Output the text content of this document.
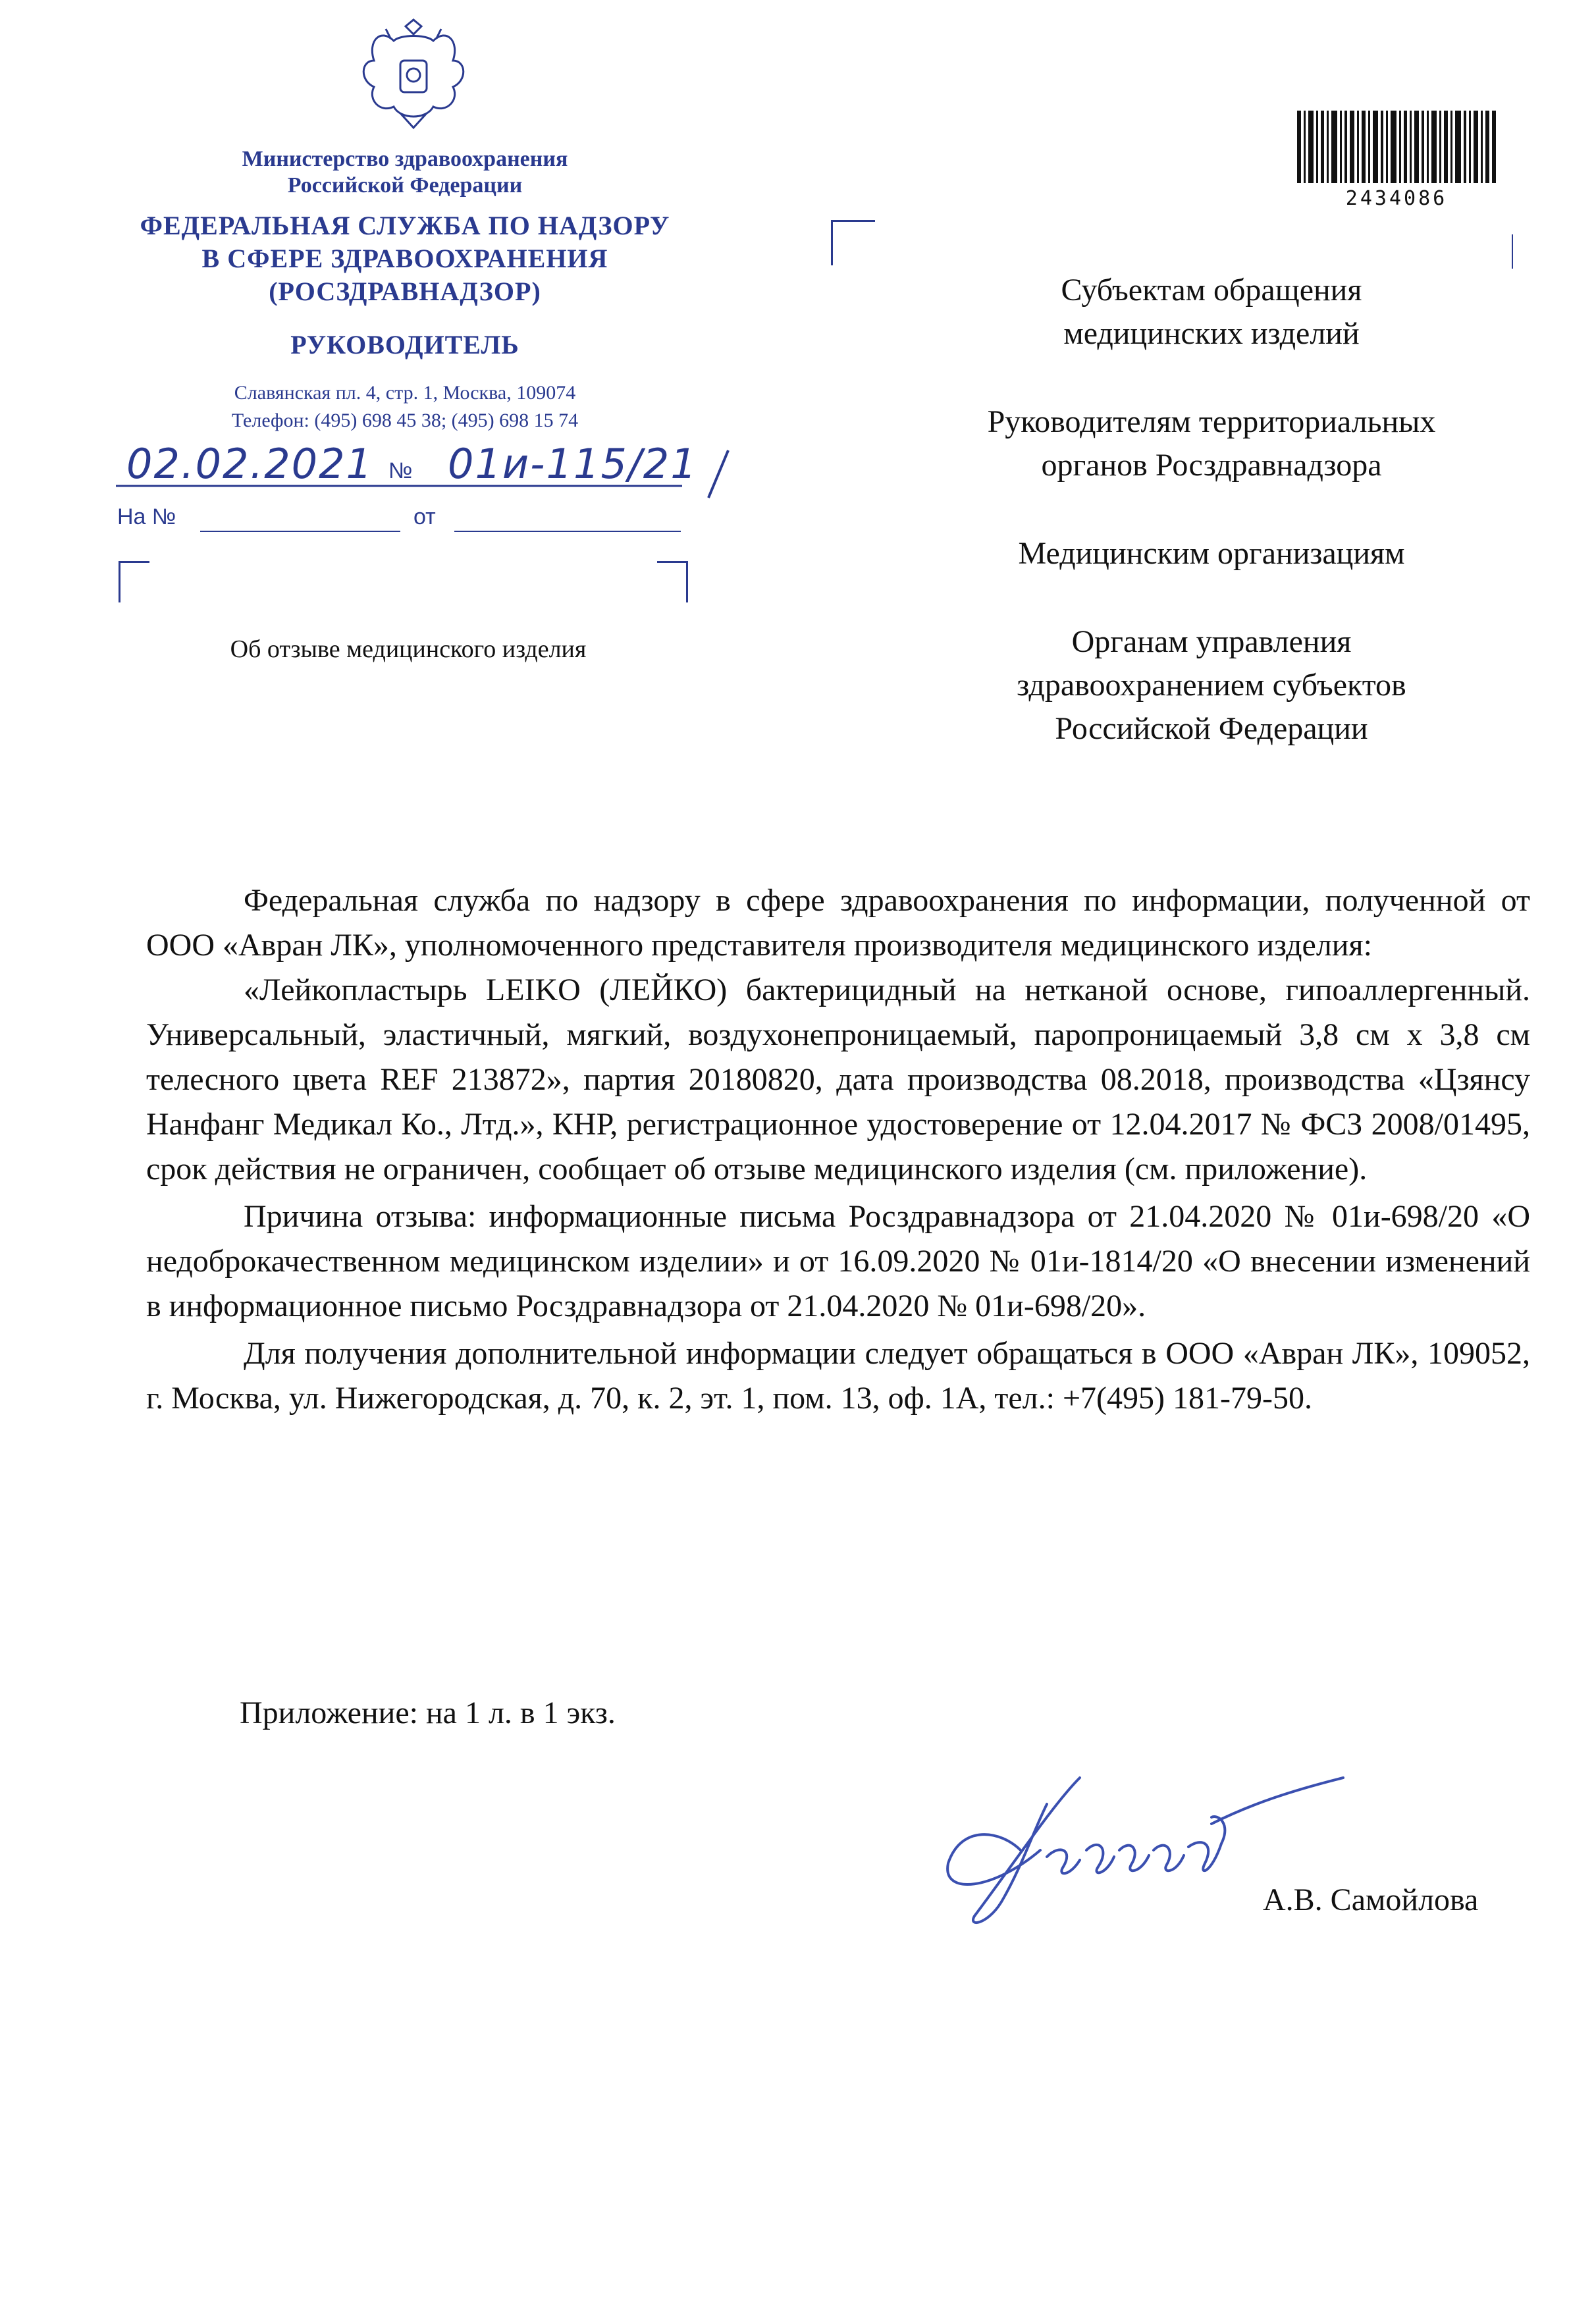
Министерство здравоохранения
Российской Федерации
ФЕДЕРАЛЬНАЯ СЛУЖБА ПО НАДЗОРУ
В СФЕРЕ ЗДРАВООХРАНЕНИЯ
(РОСЗДРАВНАДЗОР)
РУКОВОДИТЕЛЬ
Славянская пл. 4, стр. 1, Москва, 109074
Телефон: (495) 698 45 38; (495) 698 15 74
02.02.2021 № 01и-115/21
На №	от
Об отзыве медицинского изделия
2434086
Субъектам обращения
медицинских изделий
Руководителям территориальных
органов Росздравнадзора
Медицинским организациям
Органам управления
здравоохранением субъектов
Российской Федерации

Федеральная служба по надзору в сфере здравоохранения по информации, полученной от ООО «Авран ЛК», уполномоченного представителя производителя медицинского изделия:

«Лейкопластырь LEIKO (ЛЕЙКО) бактерицидный на нетканой основе, гипоаллергенный. Универсальный, эластичный, мягкий, воздухонепроницаемый, паропроницаемый 3,8 см х 3,8 см телесного цвета REF 213872», партия 20180820, дата производства 08.2018, производства «Цзянсу Нанфанг Медикал Ко., Лтд.», КНР, регистрационное удостоверение от 12.04.2017 № ФСЗ 2008/01495, срок действия не ограничен, сообщает об отзыве медицинского изделия (см. приложение).

Причина отзыва: информационные письма Росздравнадзора от 21.04.2020 № 01и-698/20 «О недоброкачественном медицинском изделии» и от 16.09.2020 № 01и-1814/20 «О внесении изменений в информационное письмо Росздравнадзора от 21.04.2020 № 01и-698/20».

Для получения дополнительной информации следует обращаться в ООО «Авран ЛК», 109052, г. Москва, ул. Нижегородская, д. 70, к. 2, эт. 1, пом. 13, оф. 1А, тел.: +7(495) 181-79-50.

Приложение: на 1 л. в 1 экз.
А.В. Самойлова
